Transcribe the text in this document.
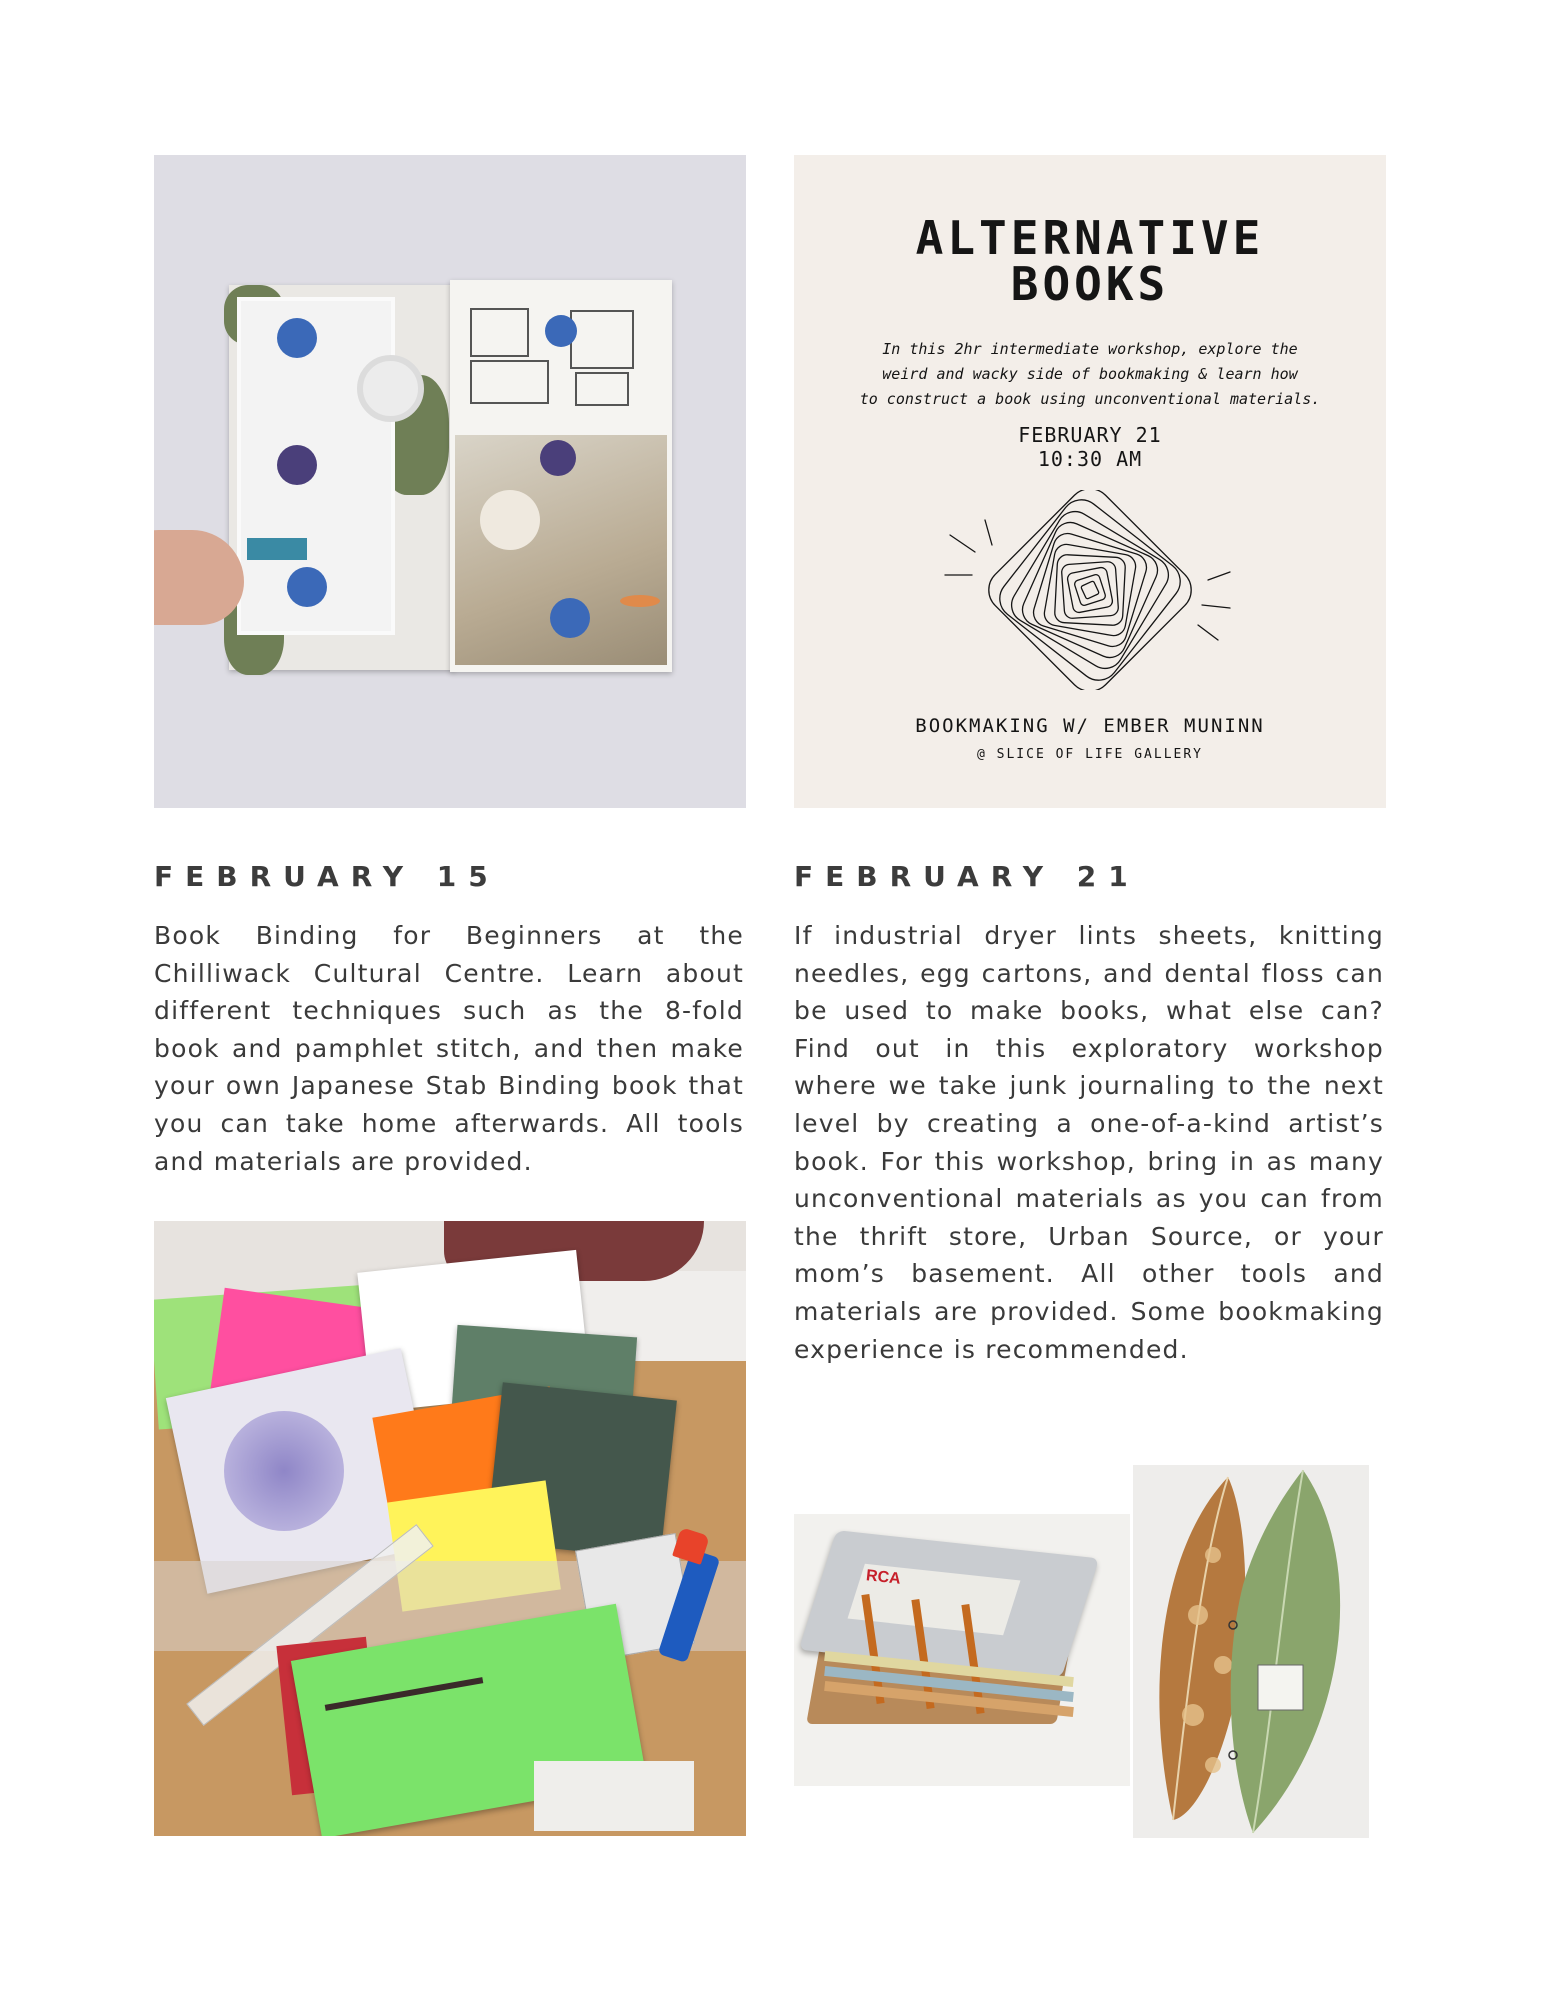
ALTERNATIVE
BOOKS
In this 2hr intermediate workshop, explore the
weird and wacky side of bookmaking & learn how
to construct a book using unconventional materials.
FEBRUARY 21
10:30 AM
BOOKMAKING W/ EMBER MUNINN
@ SLICE OF LIFE GALLERY
FEBRUARY 15	FEBRUARY 21

Book Binding for Beginners at the Chilliwack Cultural Centre. Learn about different techniques such as the 8-fold book and pamphlet stitch, and then make your own Japanese Stab Binding book that you can take home afterwards. All tools and materials are provided.

If industrial dryer lints sheets, knitting needles, egg cartons, and dental floss can be used to make books, what else can? Find out in this exploratory workshop where we take junk journaling to the next level by creating a one-of-a-kind artist’s book. For this workshop, bring in as many unconventional materials as you can from the thrift store, Urban Source, or your mom’s basement. All other tools and materials are provided. Some bookmaking experience is recommended.

RCA
